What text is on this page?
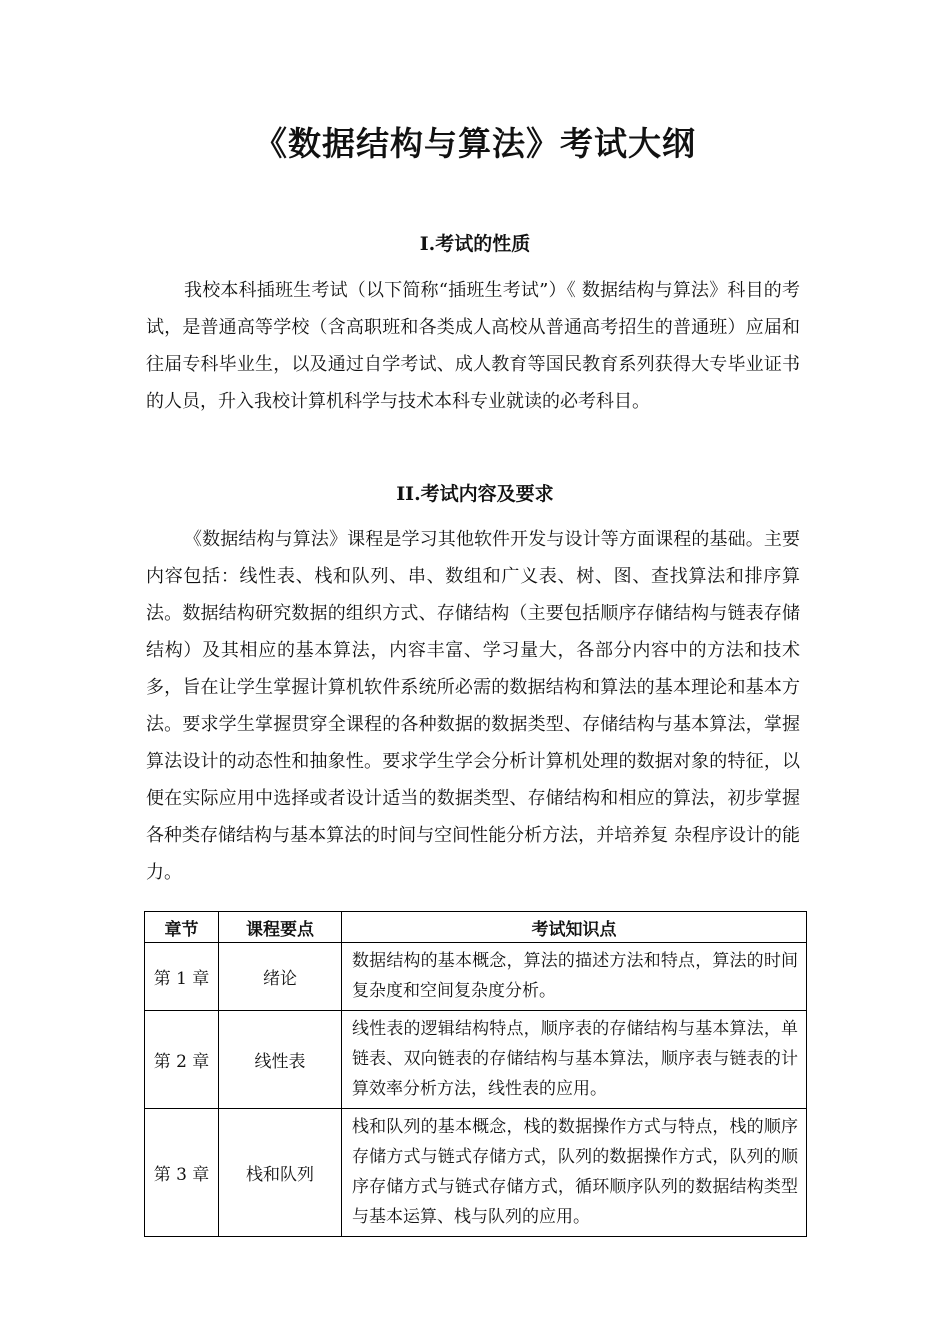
《数据结构与算法》考试大纲
I.考试的性质
我校本科插班生考试（以下简称“插班生考试”）《 数据结构与算法》科目的考试，是普通高等学校（含高职班和各类成人高校从普通高考招生的普通班）应届和往届专科毕业生，以及通过自学考试、成人教育等国民教育系列获得大专毕业证书的人员，升入我校计算机科学与技术本科专业就读的必考科目。
II.考试内容及要求
《数据结构与算法》课程是学习其他软件开发与设计等方面课程的基础。主要内容包括：线性表、栈和队列、串、数组和广义表、树、图、查找算法和排序算法。数据结构研究数据的组织方式、存储结构（主要包括顺序存储结构与链表存储结构）及其相应的基本算法，内容丰富、学习量大，各部分内容中的方法和技术多，旨在让学生掌握计算机软件系统所必需的数据结构和算法的基本理论和基本方法。要求学生掌握贯穿全课程的各种数据的数据类型、存储结构与基本算法，掌握算法设计的动态性和抽象性。要求学生学会分析计算机处理的数据对象的特征，以便在实际应用中选择或者设计适当的数据类型、存储结构和相应的算法，初步掌握各种类存储结构与基本算法的时间与空间性能分析方法，并培养复 杂程序设计的能力。
章节	课程要点	考试知识点
第 1 章	绪论	数据结构的基本概念，算法的描述方法和特点，算法的时间复杂度和空间复杂度分析。
第 2 章	线性表	线性表的逻辑结构特点，顺序表的存储结构与基本算法，单链表、双向链表的存储结构与基本算法，顺序表与链表的计算效率分析方法，线性表的应用。
第 3 章	栈和队列	栈和队列的基本概念，栈的数据操作方式与特点，栈的顺序存储方式与链式存储方式，队列的数据操作方式，队列的顺序存储方式与链式存储方式，循环顺序队列的数据结构类型与基本运算、栈与队列的应用。
